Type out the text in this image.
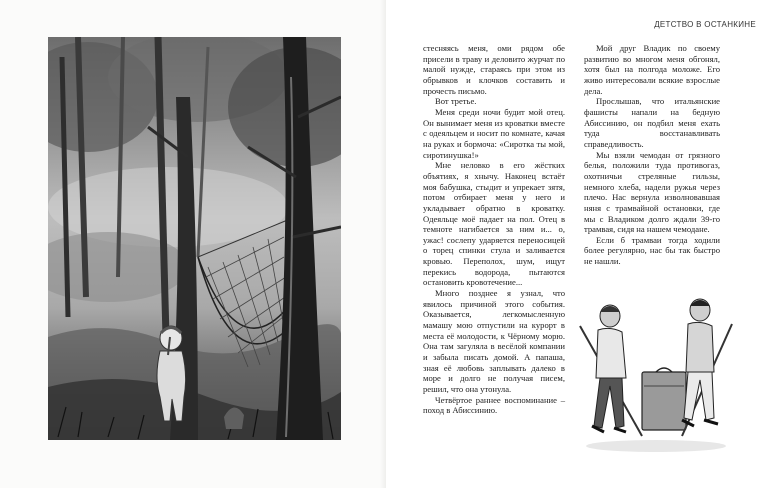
ДЕТСТВО В ОСТАНКИНЕ

стесняясь меня, оми рядом обе присели в траву и деловито журчат по малой нужде, стараясь при этом из обрывков и клочков составить и прочесть письмо.

Вот третье.

Меня среди ночи будит мой отец. Он вынимает меня из кроватки вместе с одеяльцем и носит по комнате, качая на руках и бормоча: «Сиротка ты мой, сиротинушка!»

Мне неловко в его жёстких объятиях, я хнычу. Наконец встаёт моя бабушка, стыдит и упрекает зятя, потом отбирает меня у него и укладывает обратно в кроватку. Одеяльце моё падает на пол. Отец в темноте нагибается за ним и... о, ужас! сослепу ударяется переносицей о торец спинки стула и заливается кровью. Переполох, шум, ищут перекись водорода, пытаются остановить кровотечение...

Много позднее я узнал, что явилось причиной этого события. Оказывается, легкомысленную мамашу мою отпустили на курорт в места её молодости, к Чёрному морю. Она там загуляла в весёлой компании и забыла писать домой. А папаша, зная её любовь заплывать далеко в море и долго не получая писем, решил, что она утонула.

Четвёртое раннее воспоминание – поход в Абиссинию.

Мой друг Владик по своему развитию во многом меня обгонял, хотя был на полгода моложе. Его живо интересовали всякие взрослые дела.

Прослышав, что итальянские фашисты напали на бедную Абиссинию, он подбил меня ехать туда восстанавливать справедливость.

Мы взяли чемодан от грязного белья, положили туда противогаз, охотничьи стреляные гильзы, немного хлеба, надели ружья через плечо. Нас вернула изволновавшая няня с трамвайной остановки, где мы с Владиком долго ждали 39-го трамвая, сидя на нашем чемодане.

Если б трамваи тогда ходили более регулярно, нас бы так быстро не нашли.
